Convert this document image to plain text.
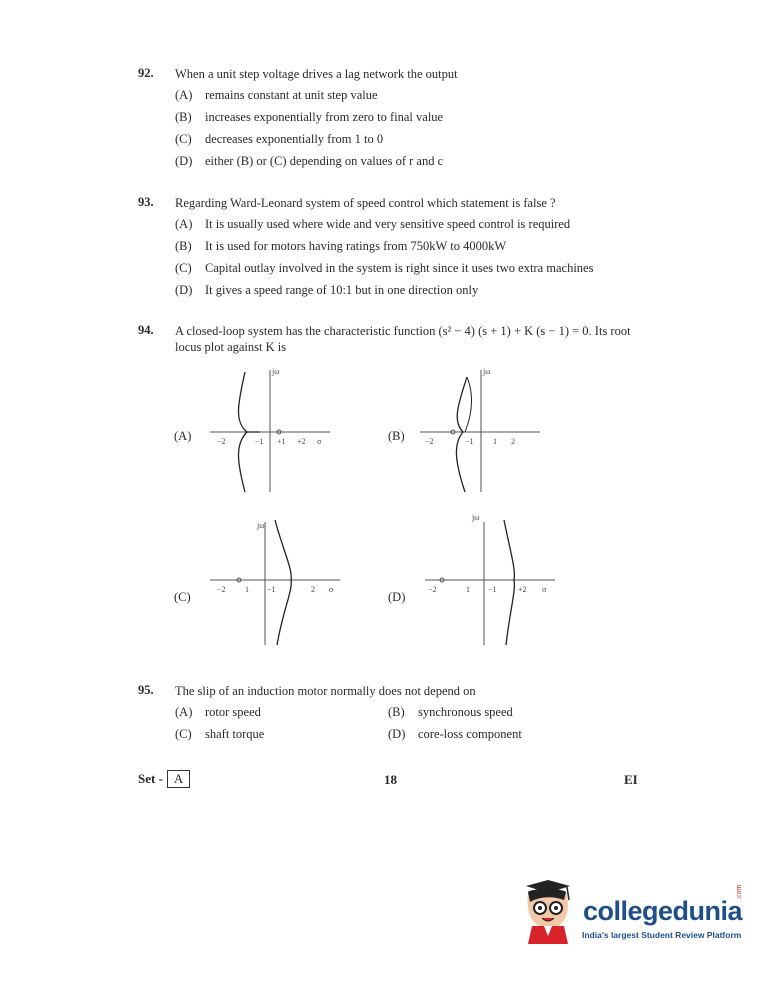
92. When a unit step voltage drives a lag network the output
(A) remains constant at unit step value
(B) increases exponentially from zero to final value
(C) decreases exponentially from 1 to 0
(D) either (B) or (C) depending on values of r and c
93. Regarding Ward-Leonard system of speed control which statement is false ?
(A) It is usually used where wide and very sensitive speed control is required
(B) It is used for motors having ratings from 750kW to 4000kW
(C) Capital outlay involved in the system is right since it uses two extra machines
(D) It gives a speed range of 10:1 but in one direction only
94. A closed-loop system has the characteristic function (s² − 4) (s + 1) + K (s − 1) = 0. Its root locus plot against K is
(A)	(B)
(C)	(D)
jω
−2	−1 +1 +2 σ
jω
−2	−1 1 2
jω
−2 1 −1	2 σ
jω
−2	1 −1	+2 σ
95. The slip of an induction motor normally does not depend on
(A) rotor speed	(B) synchronous speed
(C) shaft torque	(D) core-loss component
Set - A	18	EI
collegedunia
.com
India's largest Student Review Platform
